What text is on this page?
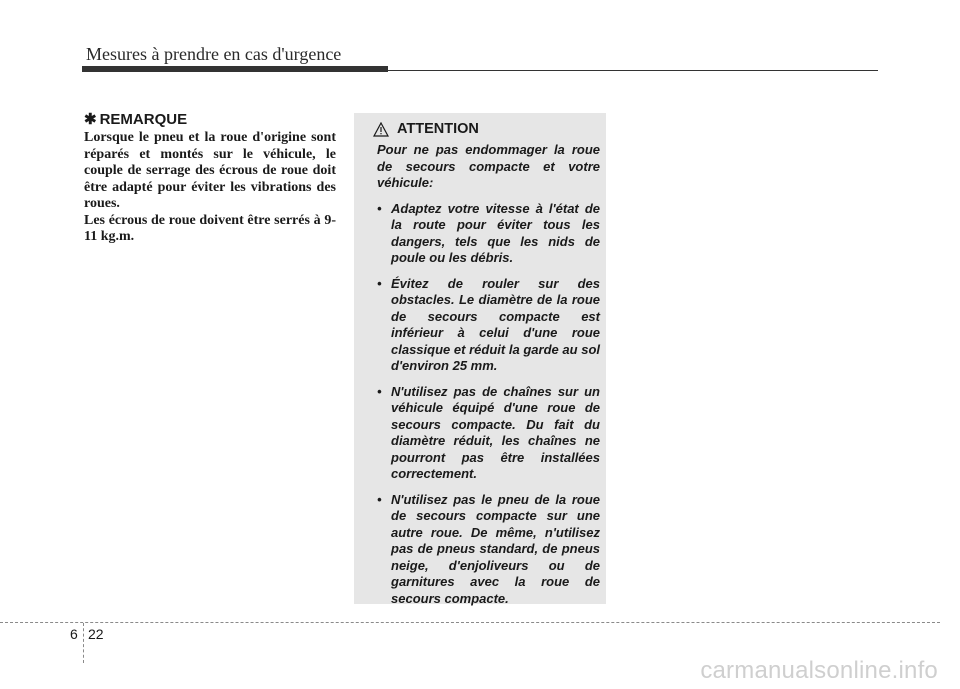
Mesures à prendre en cas d'urgence
✱ REMARQUE

Lorsque le pneu et la roue d'origine sont réparés et montés sur le véhicule, le couple de serrage des écrous de roue doit être adapté pour éviter les vibrations des roues.

Les écrous de roue doivent être serrés à 9-11 kg.m.

ATTENTION

Pour ne pas endommager la roue de secours compacte et votre véhicule:

• Adaptez votre vitesse à l'état de la route pour éviter tous les dangers, tels que les nids de poule ou les débris.
• Évitez de rouler sur des obstacles. Le diamètre de la roue de secours compacte est inférieur à celui d'une roue classique et réduit la garde au sol d'environ 25 mm.
• N'utilisez pas de chaînes sur un véhicule équipé d'une roue de secours compacte. Du fait du diamètre réduit, les chaînes ne pourront pas être installées correctement.
• N'utilisez pas le pneu de la roue de secours compacte sur une autre roue. De même, n'utilisez pas de pneus standard, de pneus neige, d'enjoliveurs ou de garnitures avec la roue de secours compacte.
6 22
carmanualsonline.info
